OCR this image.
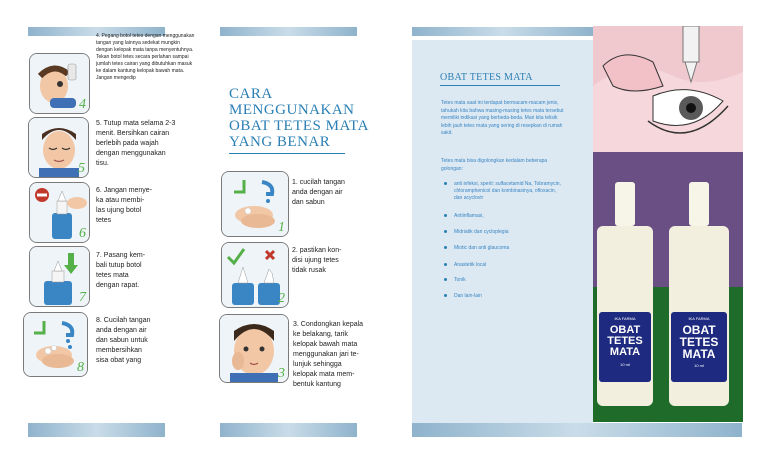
4
4. Pegang botol tetes dengan menggunakan tangan yang lainnya sedekat mungkin dengan kelopak mata tanpa menyentuhnya. Tekan botol tetes secara perlahan sampai jumlah tetes cairan yang dibutuhkan masuk ke dalam kantung kelopak bawah mata. Jangan mengedip
5
5. Tutup mata selama 2-3
menit. Bersihkan cairan
berlebih pada wajah
dengan menggunakan
tisu.
6
6. Jangan menye-
ka atau membi-
las ujung botol
tetes
7
7. Pasang kem-
bali tutup botol
tetes mata
dengan rapat.
8
8. Cucilah tangan
anda dengan air
dan sabun untuk
membersihkan
sisa obat yang
CARA
MENGGUNAKAN
OBAT TETES MATA
YANG BENAR
1
1. cucilah tangan
anda dengan air
dan sabun
2
2. pastikan kon-
disi ujung tetes
tidak rusak
3
3. Condongkan kepala
ke belakang, tarik
kelopak bawah mata
menggunakan jari te-
lunjuk sehingga
kelopak mata mem-
bentuk kantung
OBAT TETES MATA
Tetes mata saat ini terdapat bermacam-macam jenis, tahukah kita bahwa masing-masing tetes mata tersebut memiliki indikasi yang berbeda-beda. Mari kita telisik lebih jauh tetes mata yang sering di resepkan di rumah sakit.
Tetes mata bisa digolongkan kedalam beberapa golongan:
anti infeksi, sperti: sulfacetamid Na, Tobramycin, chloramphenicol dan kombinasinya, ofloxacin, dan acyclovir
Antiinflamasi,
Midriatik dan cycloplegia
Miotic dan anti glaucoma
Anastetik local
Tonik
Dan lain-lain
IKA FARMA
OBAT
TETES
MATA
10 ml
IKA FARMA
OBAT
TETES
MATA
10 ml
